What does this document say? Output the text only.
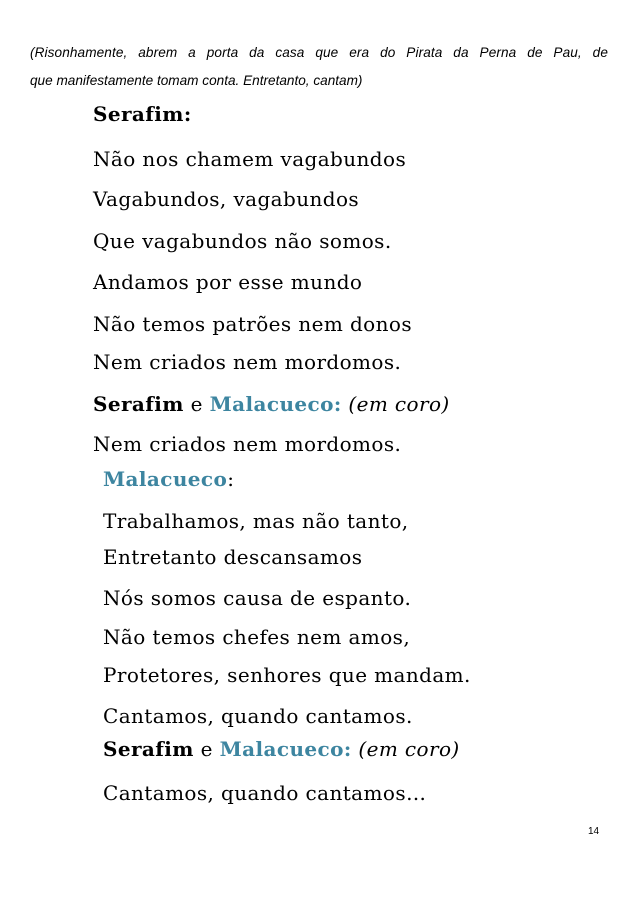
(Risonhamente, abrem a porta da casa que era do Pirata da Perna de Pau, de

que manifestamente tomam conta. Entretanto, cantam)

Serafim:
Não nos chamem vagabundos
Vagabundos, vagabundos
Que vagabundos não somos.
Andamos por esse mundo
Não temos patrões nem donos
Nem criados nem mordomos.
Serafim e Malacueco: (em coro)
Nem criados nem mordomos.
Malacueco:
Trabalhamos, mas não tanto,
Entretanto descansamos
Nós somos causa de espanto.
Não temos chefes nem amos,
Protetores, senhores que mandam.
Cantamos, quando cantamos.
Serafim e Malacueco: (em coro)
Cantamos, quando cantamos…
14
